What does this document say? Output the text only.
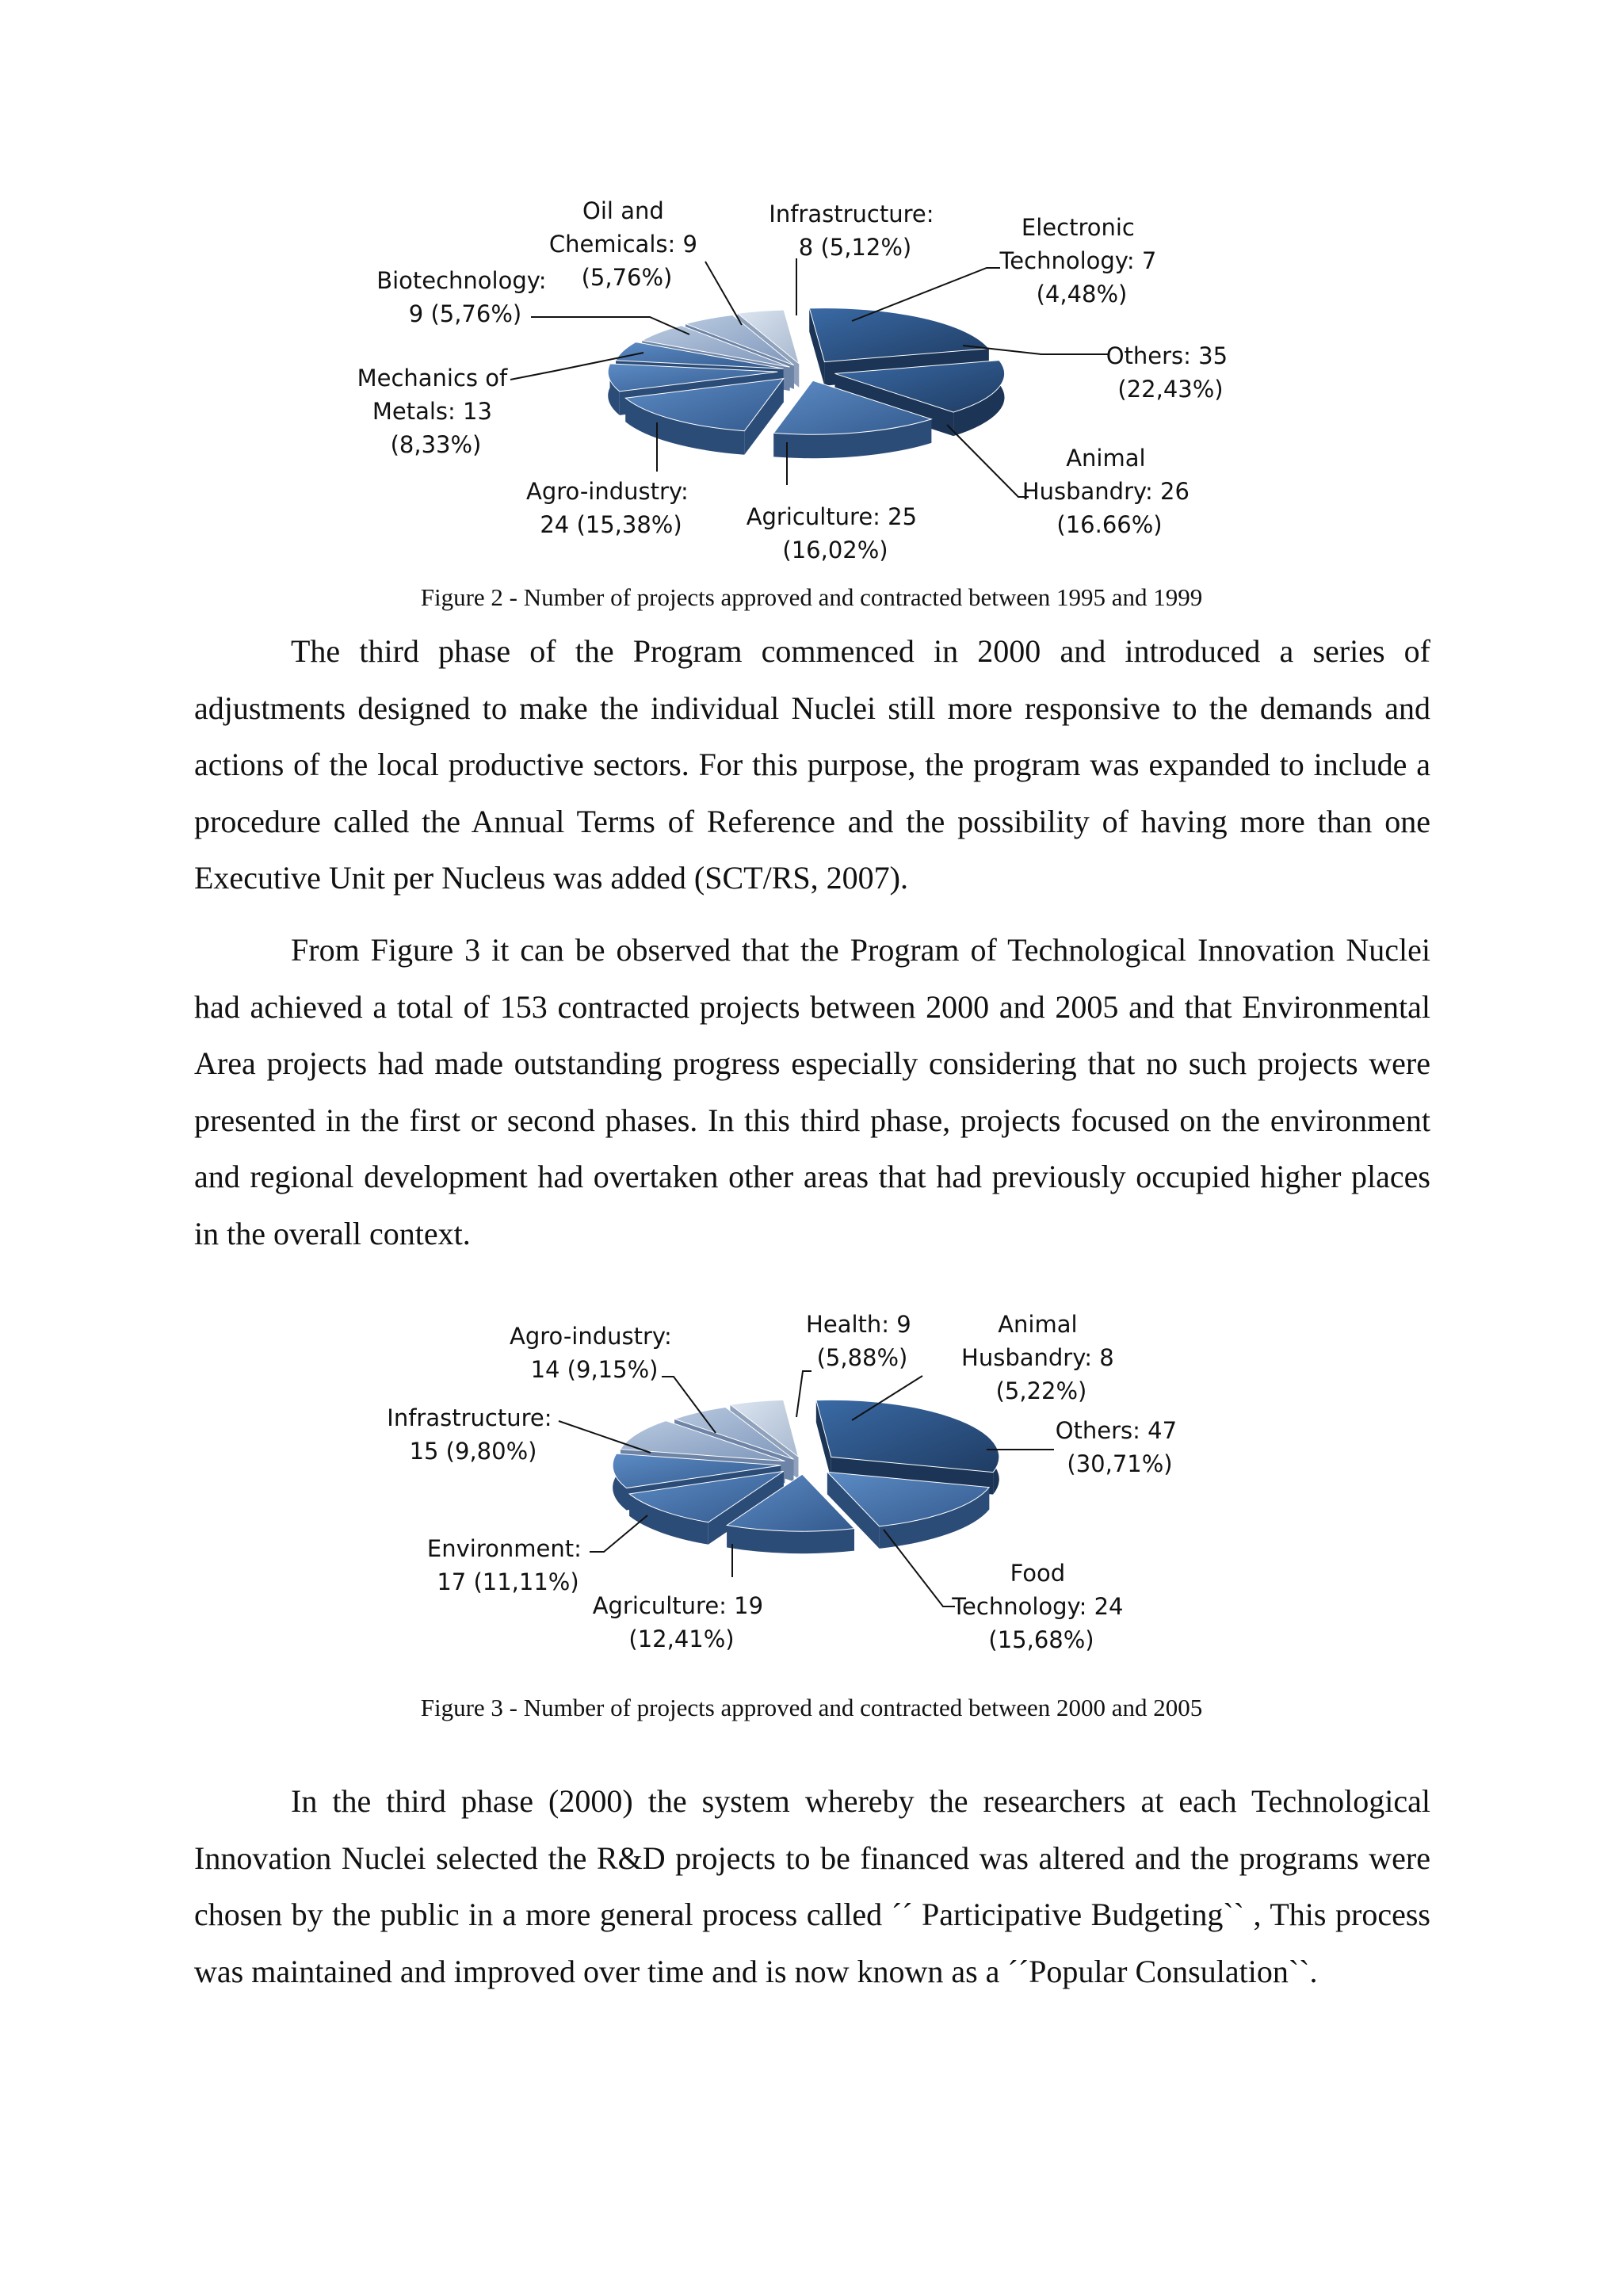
Others: 35 (22,43%)
Animal Husbandry: 26 (16.66%)
Agriculture: 25 (16,02%)
Agro-industry: 24 (15,38%)
Mechanics of Metals: 13 (8,33%)
Biotechnology: 9 (5,76%)
Oil and Chemicals: 9 (5,76%)
Infrastructure: 8 (5,12%)
Electronic Technology: 7 (4,48%)
Others: 47 (30,71%)
Food Technology: 24 (15,68%)
Agriculture: 19 (12,41%)
Environment: 17 (11,11%)
Infrastructure: 15 (9,80%)
Agro-industry: 14 (9,15%)
Health: 9 (5,88%)
Animal Husbandry: 8 (5,22%)
Figure 2 - Number of projects approved and contracted between 1995 and 1999

The third phase of the Program commenced in 2000 and introduced a series of adjustments designed to make the individual Nuclei still more responsive to the demands and actions of the local productive sectors. For this purpose, the program was expanded to include a procedure called the Annual Terms of Reference and the possibility of having more than one Executive Unit per Nucleus was added (SCT/RS, 2007).

From Figure 3 it can be observed that the Program of Technological Innovation Nuclei had achieved a total of 153 contracted projects between 2000 and 2005 and that Environmental Area projects had made outstanding progress especially considering that no such projects were presented in the first or second phases. In this third phase, projects focused on the environment and regional development had overtaken other areas that had previously occupied higher places in the overall context.

Figure 3 - Number of projects approved and contracted between 2000 and 2005

In the third phase (2000) the system whereby the researchers at each Technological Innovation Nuclei selected the R&D projects to be financed was altered and the programs were chosen by the public in a more general process called ´´ Participative Budgeting`` , This process was maintained and improved over time and is now known as a ´´Popular Consulation``.
